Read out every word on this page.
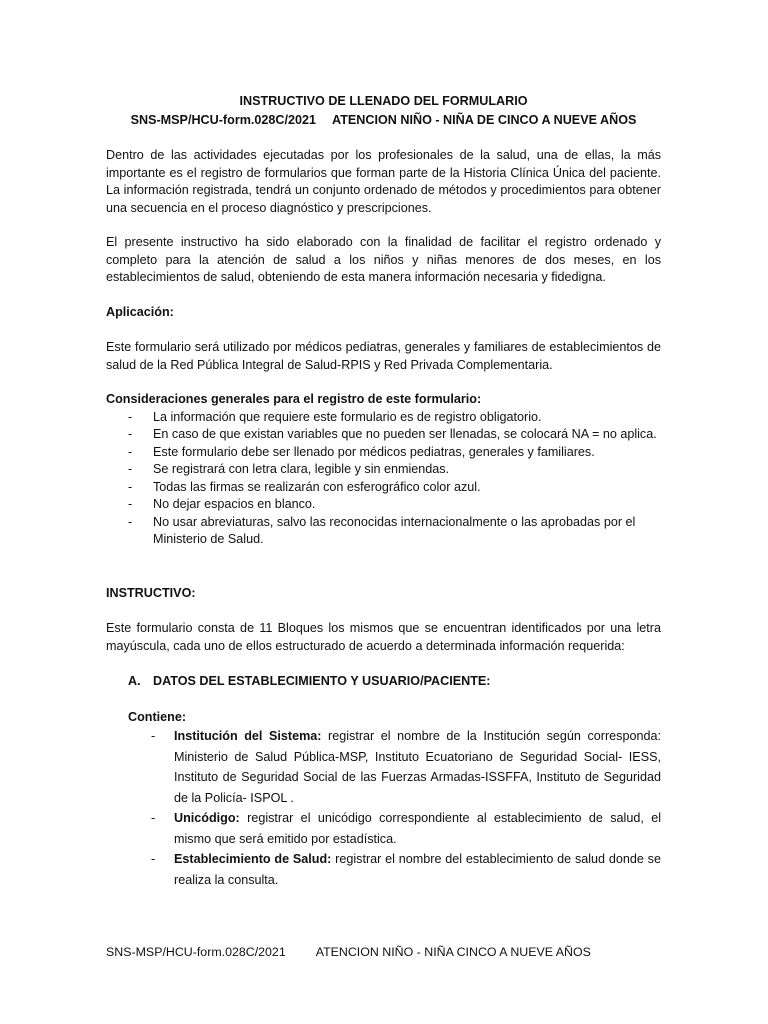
INSTRUCTIVO DE LLENADO DEL FORMULARIO

SNS-MSP/HCU-form.028C/2021 ATENCION NIÑO - NIÑA DE CINCO A NUEVE AÑOS

Dentro de las actividades ejecutadas por los profesionales de la salud, una de ellas, la más importante es el registro de formularios que forman parte de la Historia Clínica Única del paciente. La información registrada, tendrá un conjunto ordenado de métodos y procedimientos para obtener una secuencia en el proceso diagnóstico y prescripciones.

El presente instructivo ha sido elaborado con la finalidad de facilitar el registro ordenado y completo para la atención de salud a los niños y niñas menores de dos meses, en los establecimientos de salud, obteniendo de esta manera información necesaria y fidedigna.

Aplicación:

Este formulario será utilizado por médicos pediatras, generales y familiares de establecimientos de salud de la Red Pública Integral de Salud-RPIS y Red Privada Complementaria.

Consideraciones generales para el registro de este formulario:

- La información que requiere este formulario es de registro obligatorio.
- En caso de que existan variables que no pueden ser llenadas, se colocará NA = no aplica.
- Este formulario debe ser llenado por médicos pediatras, generales y familiares.
- Se registrará con letra clara, legible y sin enmiendas.
- Todas las firmas se realizarán con esferográfico color azul.
- No dejar espacios en blanco.
- No usar abreviaturas, salvo las reconocidas internacionalmente o las aprobadas por el Ministerio de Salud.

INSTRUCTIVO:

Este formulario consta de 11 Bloques los mismos que se encuentran identificados por una letra mayúscula, cada uno de ellos estructurado de acuerdo a determinada información requerida:

A. DATOS DEL ESTABLECIMIENTO Y USUARIO/PACIENTE:

Contiene:

- Institución del Sistema: registrar el nombre de la Institución según corresponda: Ministerio de Salud Pública-MSP, Instituto Ecuatoriano de Seguridad Social- IESS, Instituto de Seguridad Social de las Fuerzas Armadas-ISSFFA, Instituto de Seguridad de la Policía- ISPOL .
- Unicódigo: registrar el unicódigo correspondiente al establecimiento de salud, el mismo que será emitido por estadística.
- Establecimiento de Salud: registrar el nombre del establecimiento de salud donde se realiza la consulta.
SNS-MSP/HCU-form.028C/2021 ATENCION NIÑO - NIÑA CINCO A NUEVE AÑOS
